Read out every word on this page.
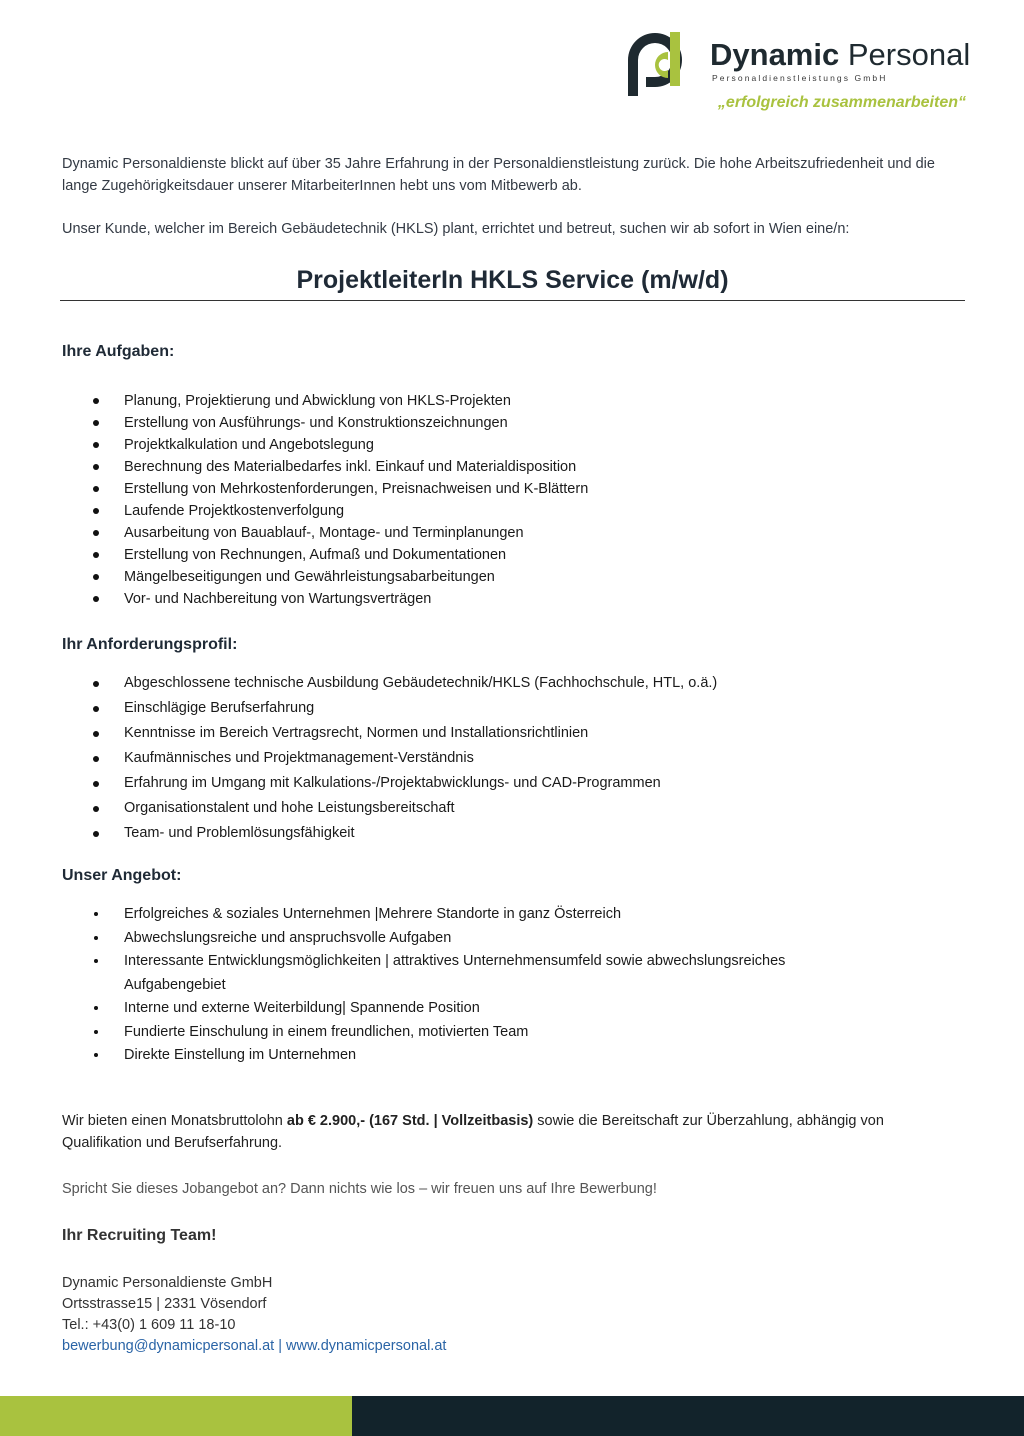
Dynamic Personal
Personaldienstleistungs GmbH
„erfolgreich zusammenarbeiten“

Dynamic Personaldienste blickt auf über 35 Jahre Erfahrung in der Personaldienstleistung zurück. Die hohe Arbeitszufriedenheit und die lange Zugehörigkeitsdauer unserer MitarbeiterInnen hebt uns vom Mitbewerb ab.

Unser Kunde, welcher im Bereich Gebäudetechnik (HKLS) plant, errichtet und betreut, suchen wir ab sofort in Wien eine/n:

ProjektleiterIn HKLS Service (m/w/d)
Ihre Aufgaben:
Planung, Projektierung und Abwicklung von HKLS-Projekten
Erstellung von Ausführungs- und Konstruktionszeichnungen
Projektkalkulation und Angebotslegung
Berechnung des Materialbedarfes inkl. Einkauf und Materialdisposition
Erstellung von Mehrkostenforderungen, Preisnachweisen und K-Blättern
Laufende Projektkostenverfolgung
Ausarbeitung von Bauablauf-, Montage- und Terminplanungen
Erstellung von Rechnungen, Aufmaß und Dokumentationen
Mängelbeseitigungen und Gewährleistungsabarbeitungen
Vor- und Nachbereitung von Wartungsverträgen
Ihr Anforderungsprofil:
Abgeschlossene technische Ausbildung Gebäudetechnik/HKLS (Fachhochschule, HTL, o.ä.)
Einschlägige Berufserfahrung
Kenntnisse im Bereich Vertragsrecht, Normen und Installationsrichtlinien
Kaufmännisches und Projektmanagement-Verständnis
Erfahrung im Umgang mit Kalkulations-/Projektabwicklungs- und CAD-Programmen
Organisationstalent und hohe Leistungsbereitschaft
Team- und Problemlösungsfähigkeit
Unser Angebot:
Erfolgreiches & soziales Unternehmen |Mehrere Standorte in ganz Österreich
Abwechslungsreiche und anspruchsvolle Aufgaben
Interessante Entwicklungsmöglichkeiten | attraktives Unternehmensumfeld sowie abwechslungsreiches Aufgabengebiet
Interne und externe Weiterbildung| Spannende Position
Fundierte Einschulung in einem freundlichen, motivierten Team
Direkte Einstellung im Unternehmen
Wir bieten einen Monatsbruttolohn ab € 2.900,- (167 Std. | Vollzeitbasis) sowie die Bereitschaft zur Überzahlung, abhängig von Qualifikation und Berufserfahrung.
Spricht Sie dieses Jobangebot an? Dann nichts wie los – wir freuen uns auf Ihre Bewerbung!
Ihr Recruiting Team!
Dynamic Personaldienste GmbH
Ortsstrasse15 | 2331 Vösendorf
Tel.: +43(0) 1 609 11 18-10
bewerbung@dynamicpersonal.at | www.dynamicpersonal.at
